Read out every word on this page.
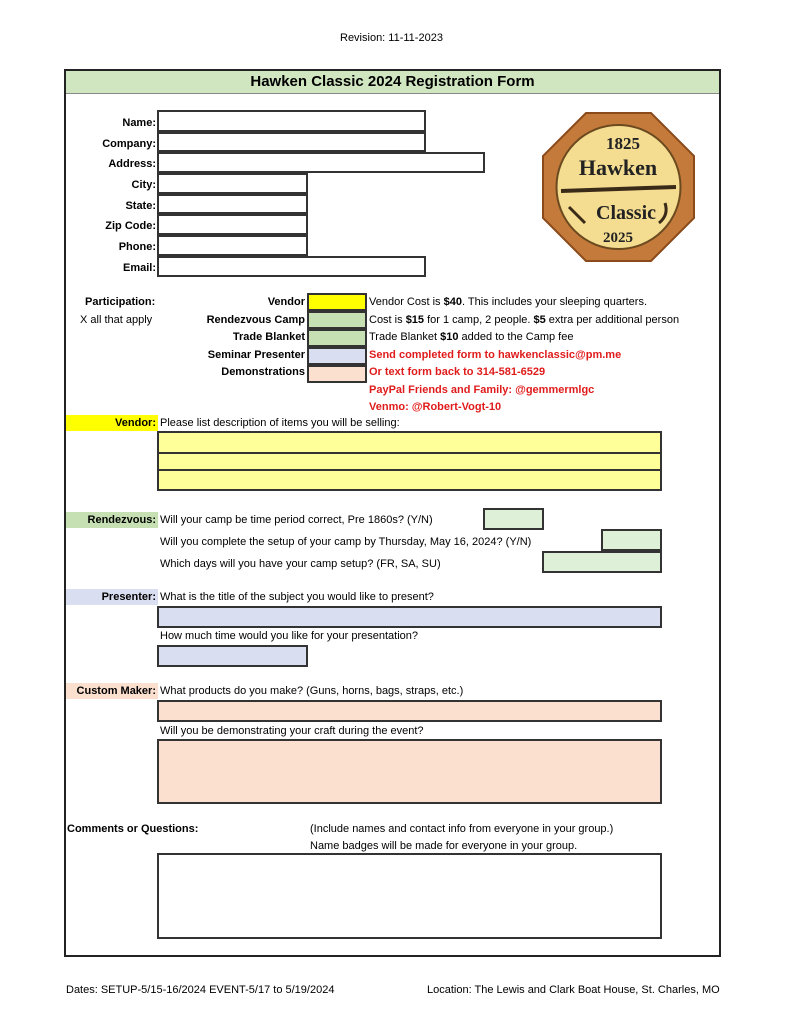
Revision: 11-11-2023
Hawken Classic 2024 Registration Form
Name:
Company:
Address:
City:
State:
Zip Code:
Phone:
Email:
1825
Hawken
Classic
2025
Participation:
X all that apply
Vendor
Rendezvous Camp
Trade Blanket
Seminar Presenter
Demonstrations
Vendor Cost is $40. This includes your sleeping quarters.
Cost is $15 for 1 camp, 2 people. $5 extra per additional person
Trade Blanket $10 added to the Camp fee
Send completed form to hawkenclassic@pm.me
Or text form back to 314-581-6529
PayPal Friends and Family: @gemmermlgc
Venmo: @Robert-Vogt-10
Vendor: Please list description of items you will be selling:
Rendezvous: Will your camp be time period correct, Pre 1860s? (Y/N)
Will you complete the setup of your camp by Thursday, May 16, 2024? (Y/N)
Which days will you have your camp setup? (FR, SA, SU)
Presenter: What is the title of the subject you would like to present?
How much time would you like for your presentation?
Custom Maker: What products do you make? (Guns, horns, bags, straps, etc.)
Will you be demonstrating your craft during the event?
Comments or Questions:	(Include names and contact info from everyone in your group.)
Name badges will be made for everyone in your group.
Dates: SETUP-5/15-16/2024 EVENT-5/17 to 5/19/2024	Location: The Lewis and Clark Boat House, St. Charles, MO
